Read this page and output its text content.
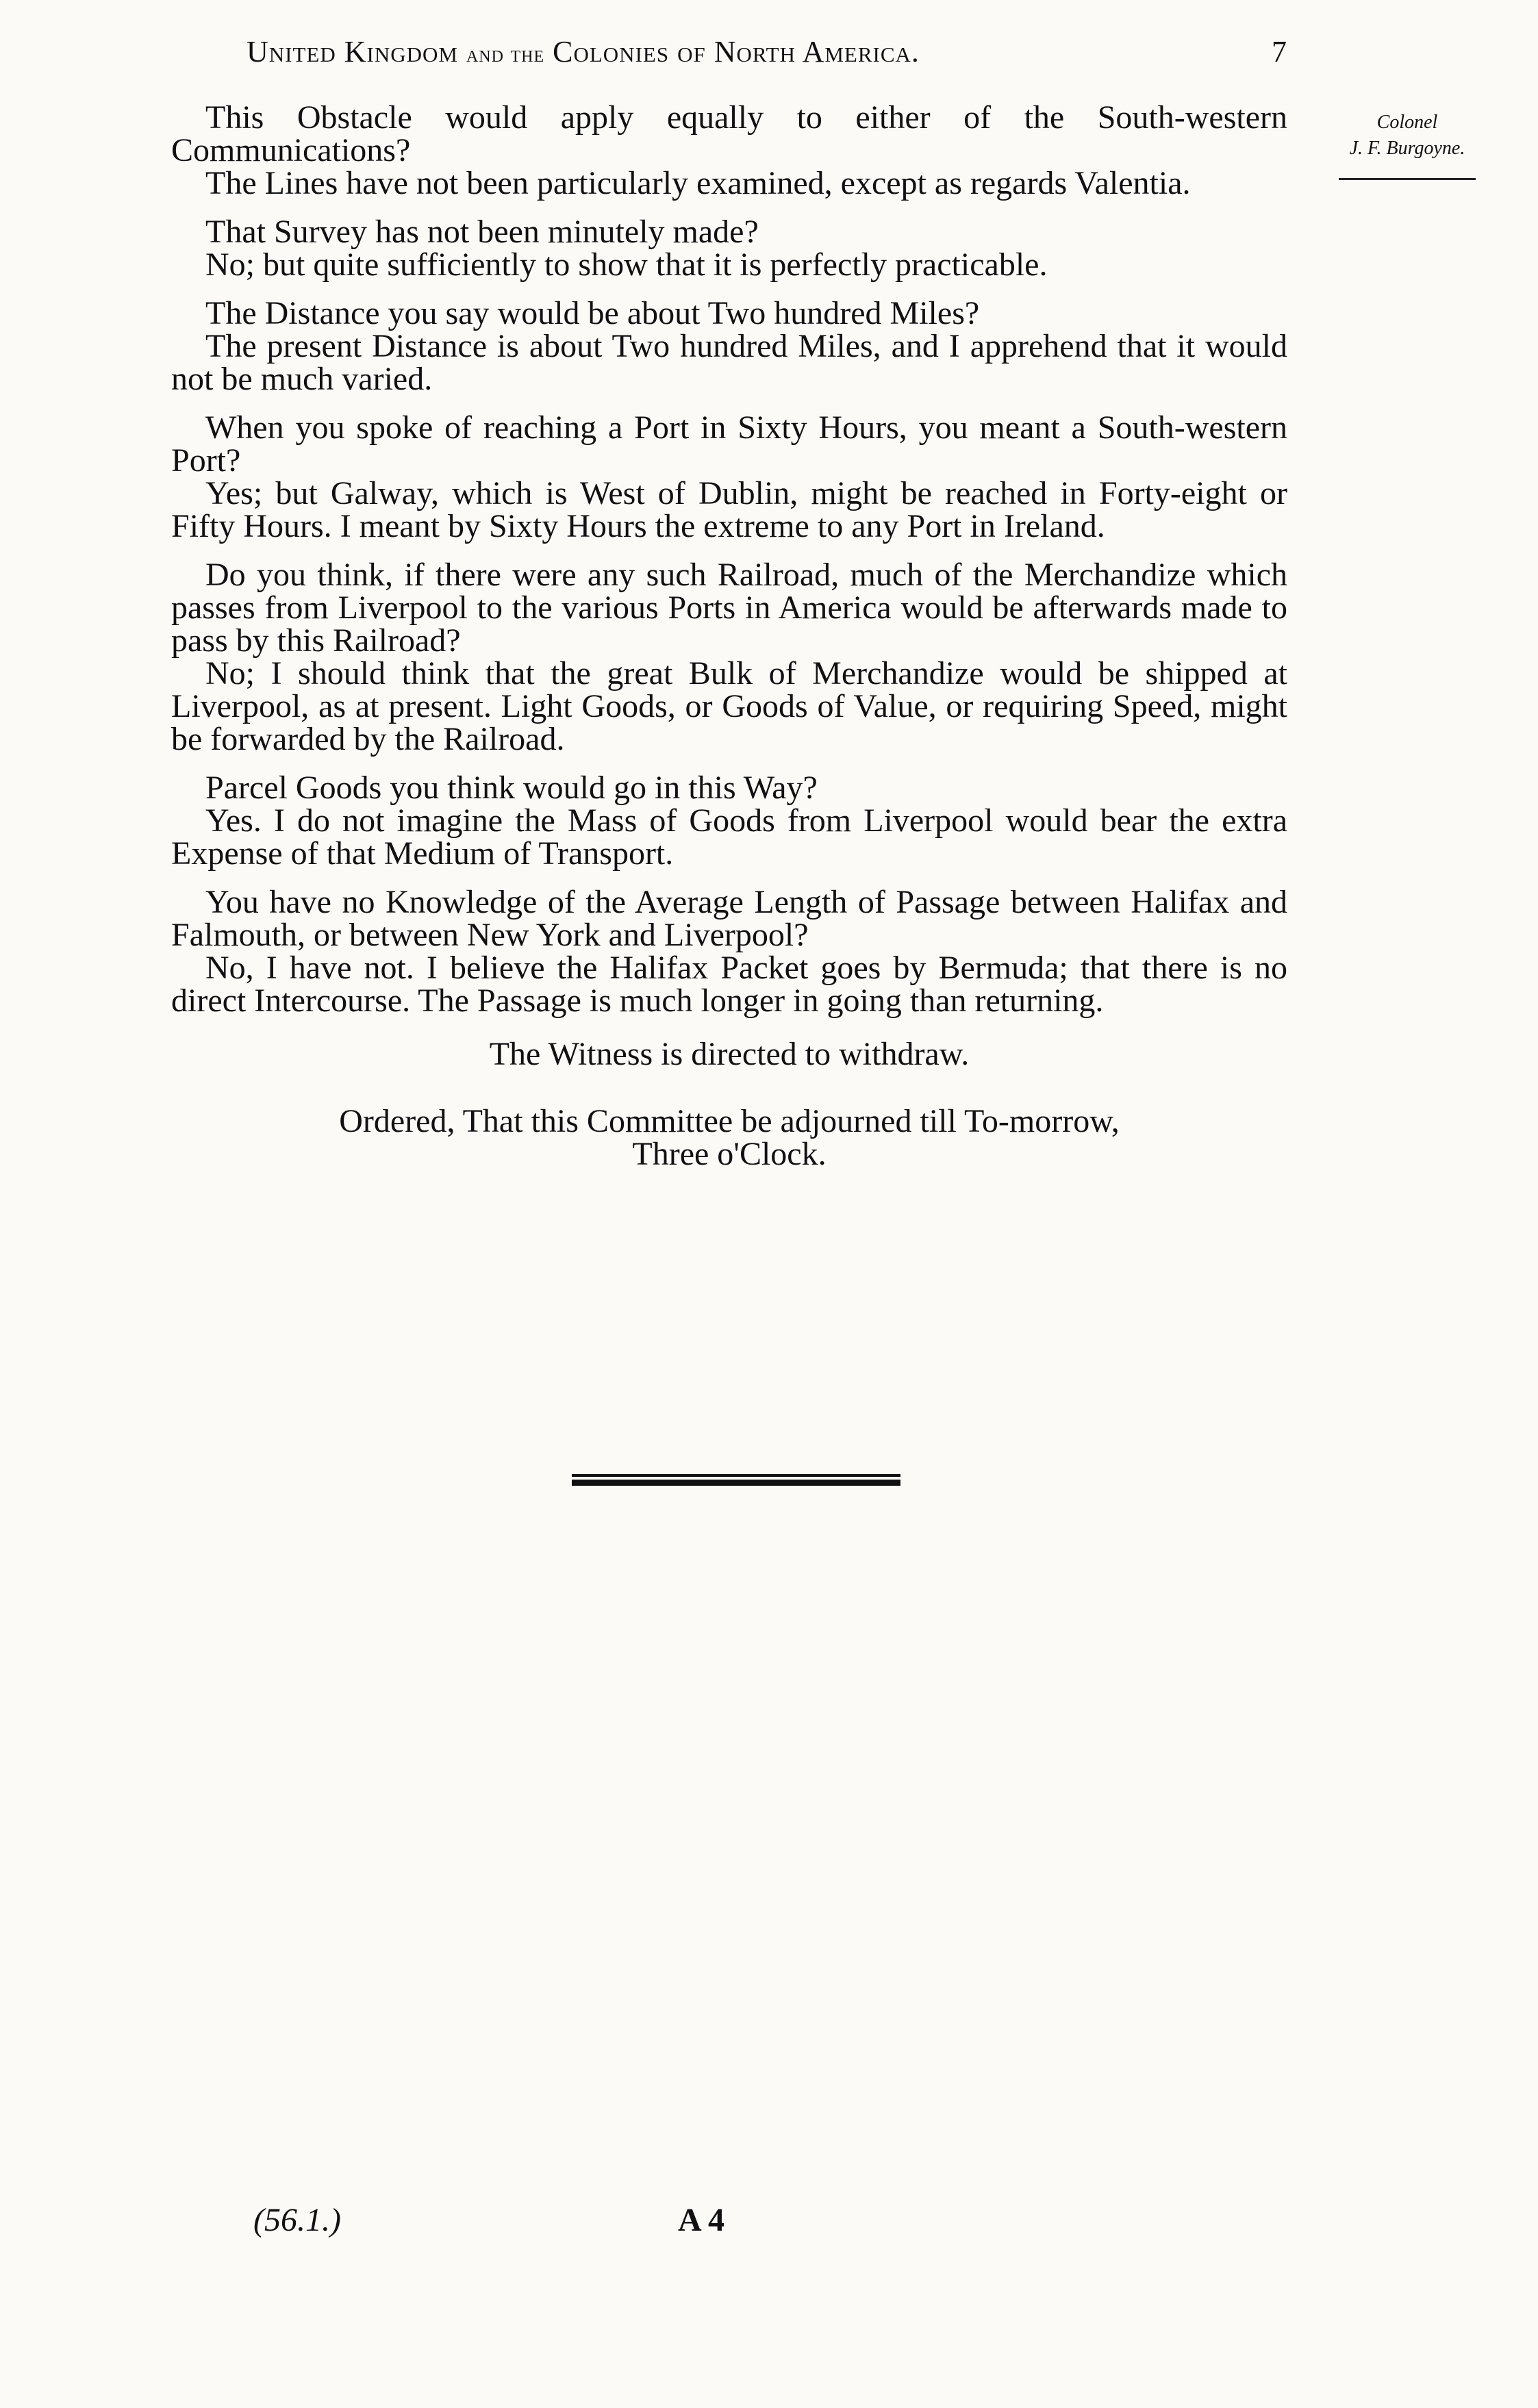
United Kingdom and the Colonies of North America.	7
Colonel
J. F. Burgoyne.

This Obstacle would apply equally to either of the South-western Communications?

The Lines have not been particularly examined, except as regards Valentia.

That Survey has not been minutely made?

No; but quite sufficiently to show that it is perfectly practicable.

The Distance you say would be about Two hundred Miles?

The present Distance is about Two hundred Miles, and I apprehend that it would not be much varied.

When you spoke of reaching a Port in Sixty Hours, you meant a South-western Port?

Yes; but Galway, which is West of Dublin, might be reached in Forty-eight or Fifty Hours. I meant by Sixty Hours the extreme to any Port in Ireland.

Do you think, if there were any such Railroad, much of the Merchandize which passes from Liverpool to the various Ports in America would be afterwards made to pass by this Railroad?

No; I should think that the great Bulk of Merchandize would be shipped at Liverpool, as at present. Light Goods, or Goods of Value, or requiring Speed, might be forwarded by the Railroad.

Parcel Goods you think would go in this Way?

Yes. I do not imagine the Mass of Goods from Liverpool would bear the extra Expense of that Medium of Transport.

You have no Knowledge of the Average Length of Passage between Halifax and Falmouth, or between New York and Liverpool?

No, I have not. I believe the Halifax Packet goes by Bermuda; that there is no direct Intercourse. The Passage is much longer in going than returning.

The Witness is directed to withdraw.
Ordered, That this Committee be adjourned till To-morrow,
Three o'Clock.
(56.1.)	A 4
